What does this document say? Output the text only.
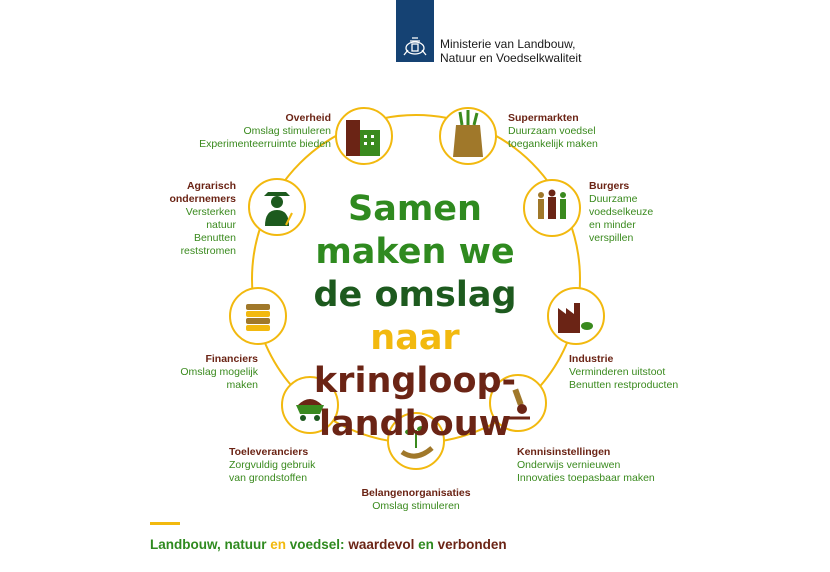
Ministerie van Landbouw,
Natuur en Voedselkwaliteit
Overheid
Omslag stimuleren
Experimenteerruimte bieden
Supermarkten
Duurzaam voedsel
toegankelijk maken
Burgers
Duurzame
voedselkeuze
en minder
verspillen
Industrie
Verminderen uitstoot
Benutten restproducten
Kennisinstellingen
Onderwijs vernieuwen
Innovaties toepasbaar maken
Belangenorganisaties
Omslag stimuleren
Toeleveranciers
Zorgvuldig gebruik
van grondstoffen
Financiers
Omslag mogelijk
maken
Agrarisch
ondernemers
Versterken
natuur
Benutten
reststromen
Samen
maken we
de omslag naar
kringloop-
landbouw
Landbouw, natuur en voedsel: waardevol en verbonden
